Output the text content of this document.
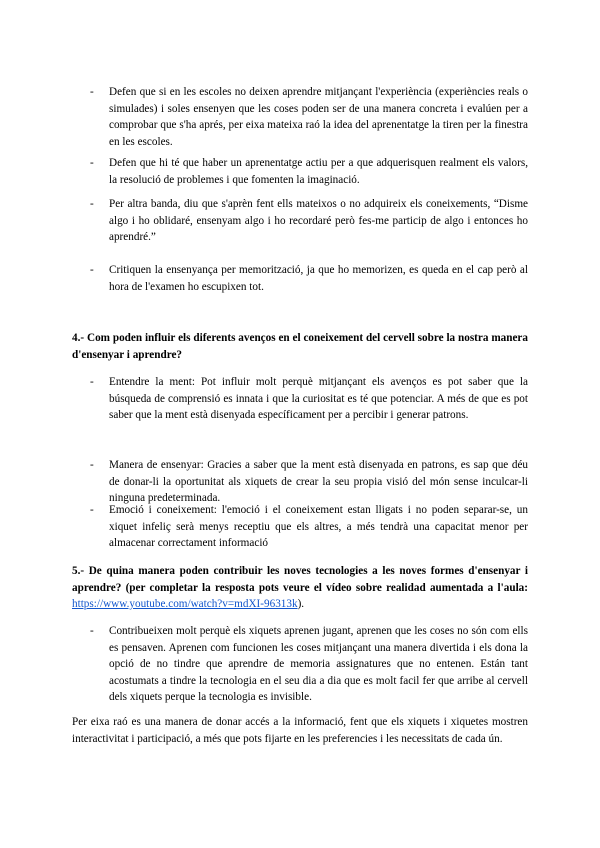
-	Defen que si en les escoles no deixen aprendre mitjançant l'experiència (experiències reals o simulades) i soles ensenyen que les coses poden ser de una manera concreta i evalúen per a comprobar que s'ha aprés, per eixa mateixa raó la idea del aprenentatge la tiren per la finestra en les escoles.
-	Defen que hi té que haber un aprenentatge actiu per a que adquerisquen realment els valors, la resolució de problemes i que fomenten la imaginació.
-	Per altra banda, diu que s'aprèn fent ells mateixos o no adquireix els coneixements, “Disme algo i ho oblidaré, ensenyam algo i ho recordaré però fes-me particip de algo i entonces ho aprendré.”
-	Critiquen la ensenyança per memorització, ja que ho memorizen, es queda en el cap però al hora de l'examen ho escupixen tot.
4.- Com poden influir els diferents avenços en el coneixement del cervell sobre la nostra manera d'ensenyar i aprendre?
-	Entendre la ment: Pot influir molt perquè mitjançant els avenços es pot saber que la búsqueda de comprensió es innata i que la curiositat es té que potenciar. A més de que es pot saber que la ment està disenyada específicament per a percibir i generar patrons.
-	Manera de ensenyar: Gracies a saber que la ment està disenyada en patrons, es sap que déu de donar-li la oportunitat als xiquets de crear la seu propia visió del món sense inculcar-li ninguna predeterminada.
-	Emoció i coneixement: l'emoció i el coneixement estan lligats i no poden separar-se, un xiquet infeliç serà menys receptiu que els altres, a més tendrà una capacitat menor per almacenar correctament informació
5.- De quina manera poden contribuir les noves tecnologies a les noves formes d'ensenyar i aprendre? (per completar la resposta pots veure el vídeo sobre realidad aumentada a l'aula: https://www.youtube.com/watch?v=mdXI-96313k).
-	Contribueixen molt perquè els xiquets aprenen jugant, aprenen que les coses no són com ells es pensaven. Aprenen com funcionen les coses mitjançant una manera divertida i els dona la opció de no tindre que aprendre de memoria assignatures que no entenen. Están tant acostumats a tindre la tecnologia en el seu dia a dia que es molt facil fer que arribe al cervell dels xiquets perque la tecnologia es invisible.
Per eixa raó es una manera de donar accés a la informació, fent que els xiquets i xiquetes mostren interactivitat i participació, a més que pots fijarte en les preferencies i les necessitats de cada ún.
